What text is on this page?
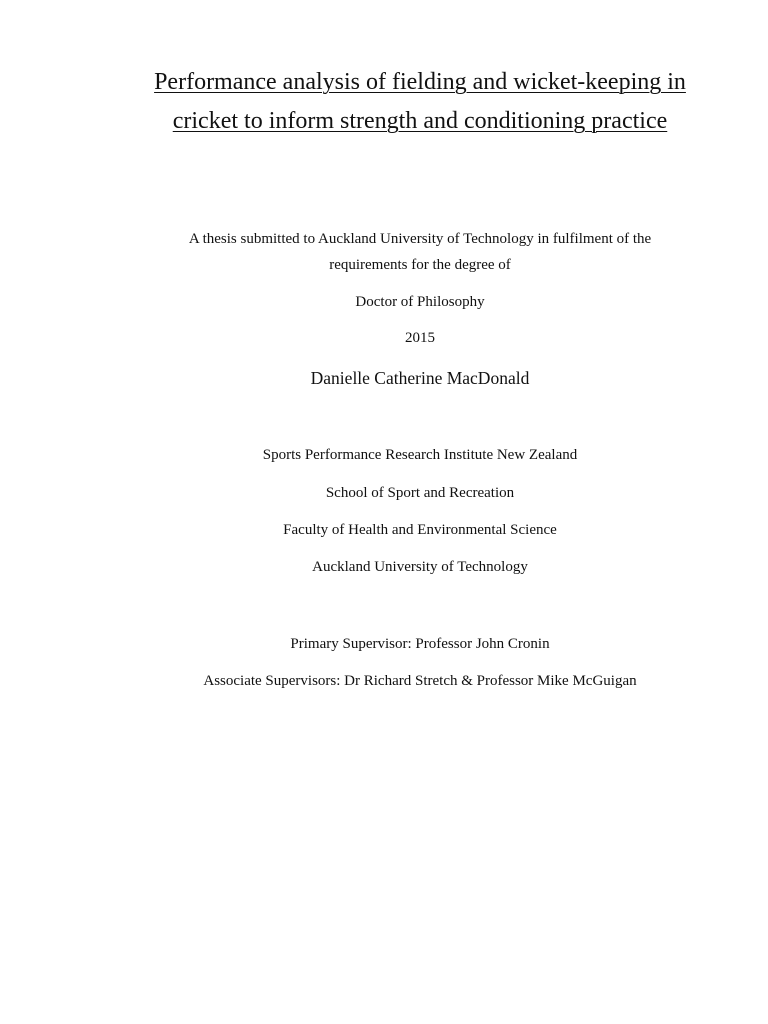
Performance analysis of fielding and wicket-keeping in
cricket to inform strength and conditioning practice
A thesis submitted to Auckland University of Technology in fulfilment of the
requirements for the degree of
Doctor of Philosophy
2015
Danielle Catherine MacDonald
Sports Performance Research Institute New Zealand
School of Sport and Recreation
Faculty of Health and Environmental Science
Auckland University of Technology
Primary Supervisor: Professor John Cronin
Associate Supervisors: Dr Richard Stretch & Professor Mike McGuigan
